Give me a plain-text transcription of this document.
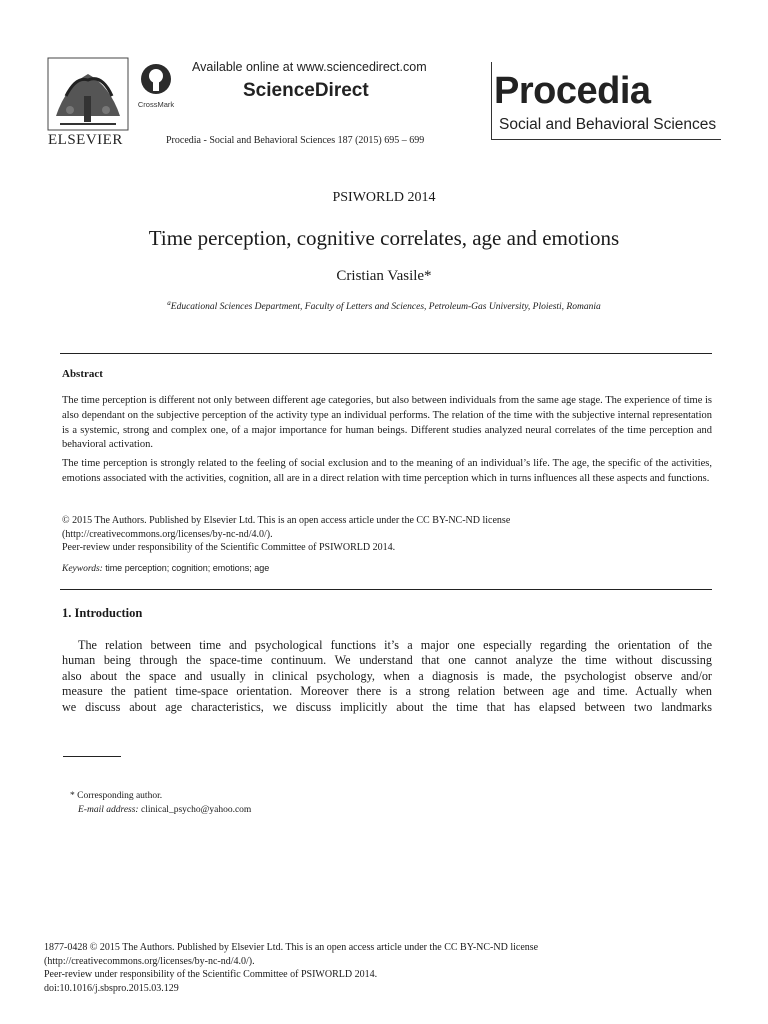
ELSEVIER
CrossMark
Available online at www.sciencedirect.com
ScienceDirect
Procedia - Social and Behavioral Sciences 187 (2015) 695 – 699
Procedia
Social and Behavioral Sciences
PSIWORLD 2014
Time perception, cognitive correlates, age and emotions
Cristian Vasile*
$^a$Educational Sciences Department, Faculty of Letters and Sciences, Petroleum-Gas University, Ploiesti, Romania
Abstract
The time perception is different not only between different age categories, but also between individuals from the same age stage. The experience of time is also dependant on the subjective perception of the activity type an individual performs. The relation of the time with the subjective internal representation is a systemic, strong and complex one, of a major importance for human beings. Different studies analyzed neural correlates of the time perception and behavioral activation.
The time perception is strongly related to the feeling of social exclusion and to the meaning of an individual’s life. The age, the specific of the activities, emotions associated with the activities, cognition, all are in a direct relation with time perception which in turns influences all these aspects and functions.
© 2015 The Authors. Published by Elsevier Ltd. This is an open access article under the CC BY-NC-ND license
(http://creativecommons.org/licenses/by-nc-nd/4.0/).
Peer-review under responsibility of the Scientific Committee of PSIWORLD 2014.
Keywords: time perception; cognition; emotions; age
1. Introduction
The relation between time and psychological functions it’s a major one especially regarding the orientation of the
human being through the space-time continuum. We understand that one cannot analyze the time without discussing
also about the space and usually in clinical psychology, when a diagnosis is made, the psychologist observe and/or
measure the patient time-space orientation. Moreover there is a strong relation between age and time. Actually when
we discuss about age characteristics, we discuss implicitly about the time that has elapsed between two landmarks
* Corresponding author.
E-mail address: clinical_psycho@yahoo.com
1877-0428 © 2015 The Authors. Published by Elsevier Ltd. This is an open access article under the CC BY-NC-ND license
(http://creativecommons.org/licenses/by-nc-nd/4.0/).
Peer-review under responsibility of the Scientific Committee of PSIWORLD 2014.
doi:10.1016/j.sbspro.2015.03.129
